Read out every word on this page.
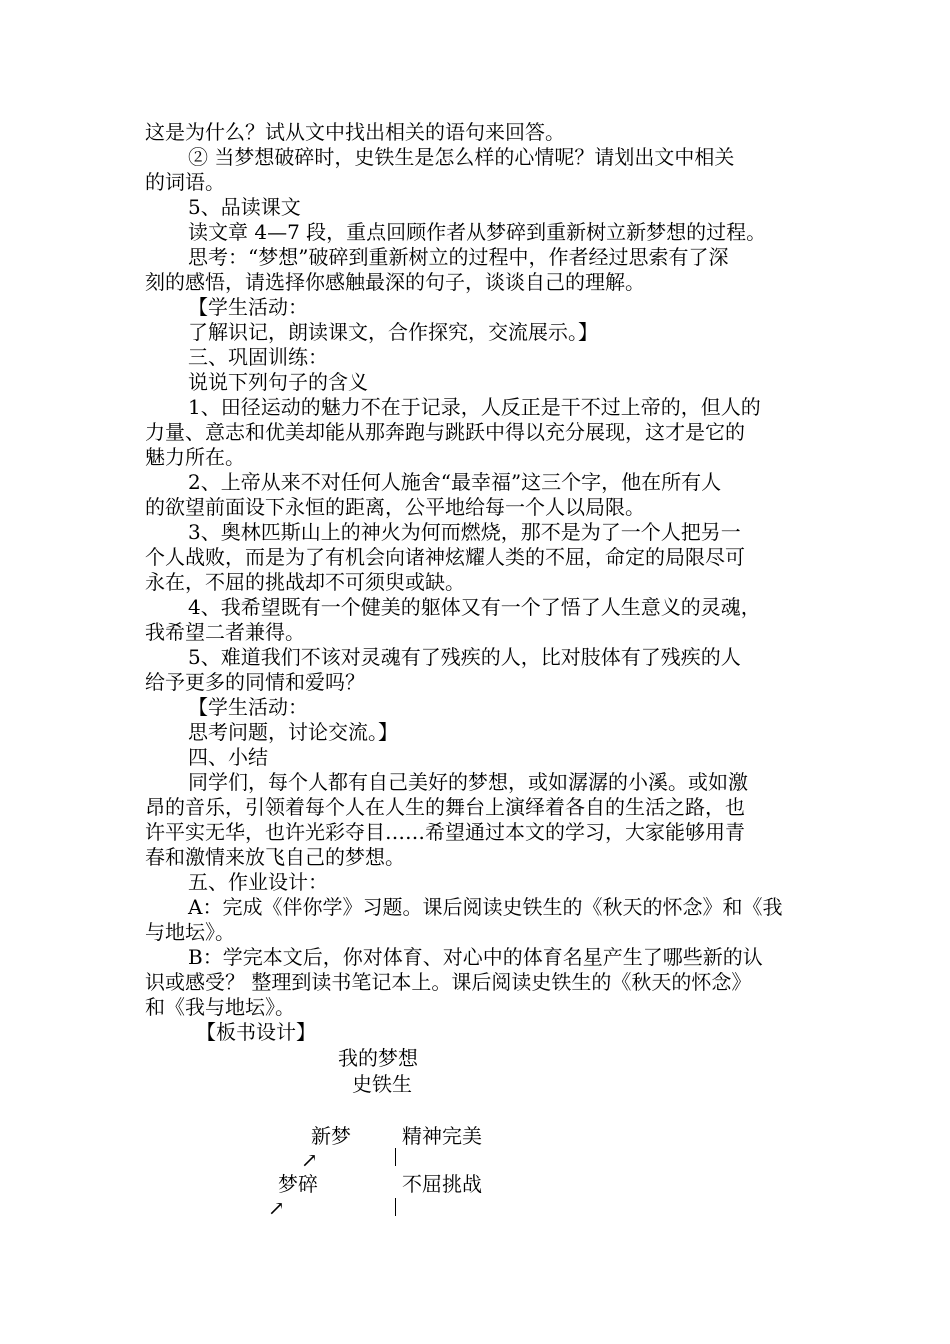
这是为什么？试从文中找出相关的语句来回答。
② 当梦想破碎时，史铁生是怎么样的心情呢？请划出文中相关
的词语。
5、品读课文
读文章 4—7 段，重点回顾作者从梦碎到重新树立新梦想的过程。
思考：“梦想”破碎到重新树立的过程中，作者经过思索有了深
刻的感悟，请选择你感触最深的句子，谈谈自己的理解。
【学生活动：
了解识记，朗读课文，合作探究，交流展示。】
三、巩固训练：
说说下列句子的含义
1、田径运动的魅力不在于记录，人反正是干不过上帝的，但人的
力量、意志和优美却能从那奔跑与跳跃中得以充分展现，这才是它的
魅力所在。
2、上帝从来不对任何人施舍“最幸福”这三个字，他在所有人
的欲望前面设下永恒的距离，公平地给每一个人以局限。
3、奥林匹斯山上的神火为何而燃烧，那不是为了一个人把另一
个人战败，而是为了有机会向诸神炫耀人类的不屈，命定的局限尽可
永在，不屈的挑战却不可须臾或缺。
4、我希望既有一个健美的躯体又有一个了悟了人生意义的灵魂，
我希望二者兼得。
5、难道我们不该对灵魂有了残疾的人，比对肢体有了残疾的人
给予更多的同情和爱吗？
【学生活动：
思考问题，讨论交流。】
四、小结
同学们，每个人都有自己美好的梦想，或如潺潺的小溪。或如激
昂的音乐，引领着每个人在人生的舞台上演绎着各自的生活之路，也
许平实无华，也许光彩夺目……希望通过本文的学习，大家能够用青
春和激情来放飞自己的梦想。
五、作业设计：
A：完成《伴你学》习题。课后阅读史铁生的《秋天的怀念》和《我
与地坛》。
B：学完本文后，你对体育、对心中的体育名星产生了哪些新的认
识或感受？ 整理到读书笔记本上。课后阅读史铁生的《秋天的怀念》
和《我与地坛》。
【板书设计】
我的梦想
史铁生
新梦	精神完美
↗
梦碎	不屈挑战
↗
